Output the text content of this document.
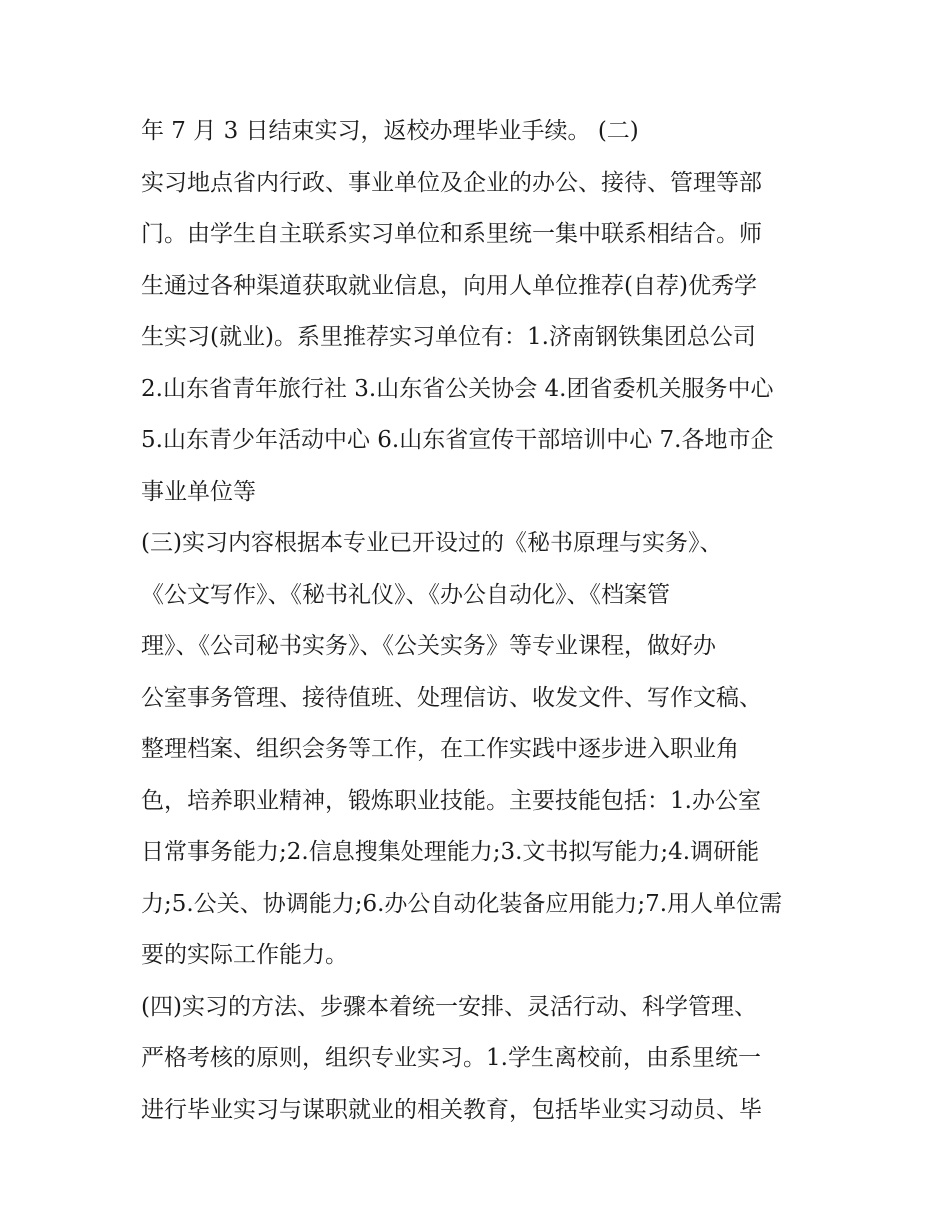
年 7 月 3 日结束实习，返校办理毕业手续。 (二)
实习地点省内行政、事业单位及企业的办公、接待、管理等部
门。由学生自主联系实习单位和系里统一集中联系相结合。师
生通过各种渠道获取就业信息，向用人单位推荐(自荐)优秀学
生实习(就业)。系里推荐实习单位有：1.济南钢铁集团总公司
2.山东省青年旅行社 3.山东省公关协会 4.团省委机关服务中心
5.山东青少年活动中心 6.山东省宣传干部培训中心 7.各地市企
事业单位等
(三)实习内容根据本专业已开设过的《秘书原理与实务》、
《公文写作》、《秘书礼仪》、《办公自动化》、《档案管
理》、《公司秘书实务》、《公关实务》等专业课程，做好办
公室事务管理、接待值班、处理信访、收发文件、写作文稿、
整理档案、组织会务等工作，在工作实践中逐步进入职业角
色，培养职业精神，锻炼职业技能。主要技能包括：1.办公室
日常事务能力;2.信息搜集处理能力;3.文书拟写能力;4.调研能
力;5.公关、协调能力;6.办公自动化装备应用能力;7.用人单位需
要的实际工作能力。
(四)实习的方法、步骤本着统一安排、灵活行动、科学管理、
严格考核的原则，组织专业实习。1.学生离校前，由系里统一
进行毕业实习与谋职就业的相关教育，包括毕业实习动员、毕
